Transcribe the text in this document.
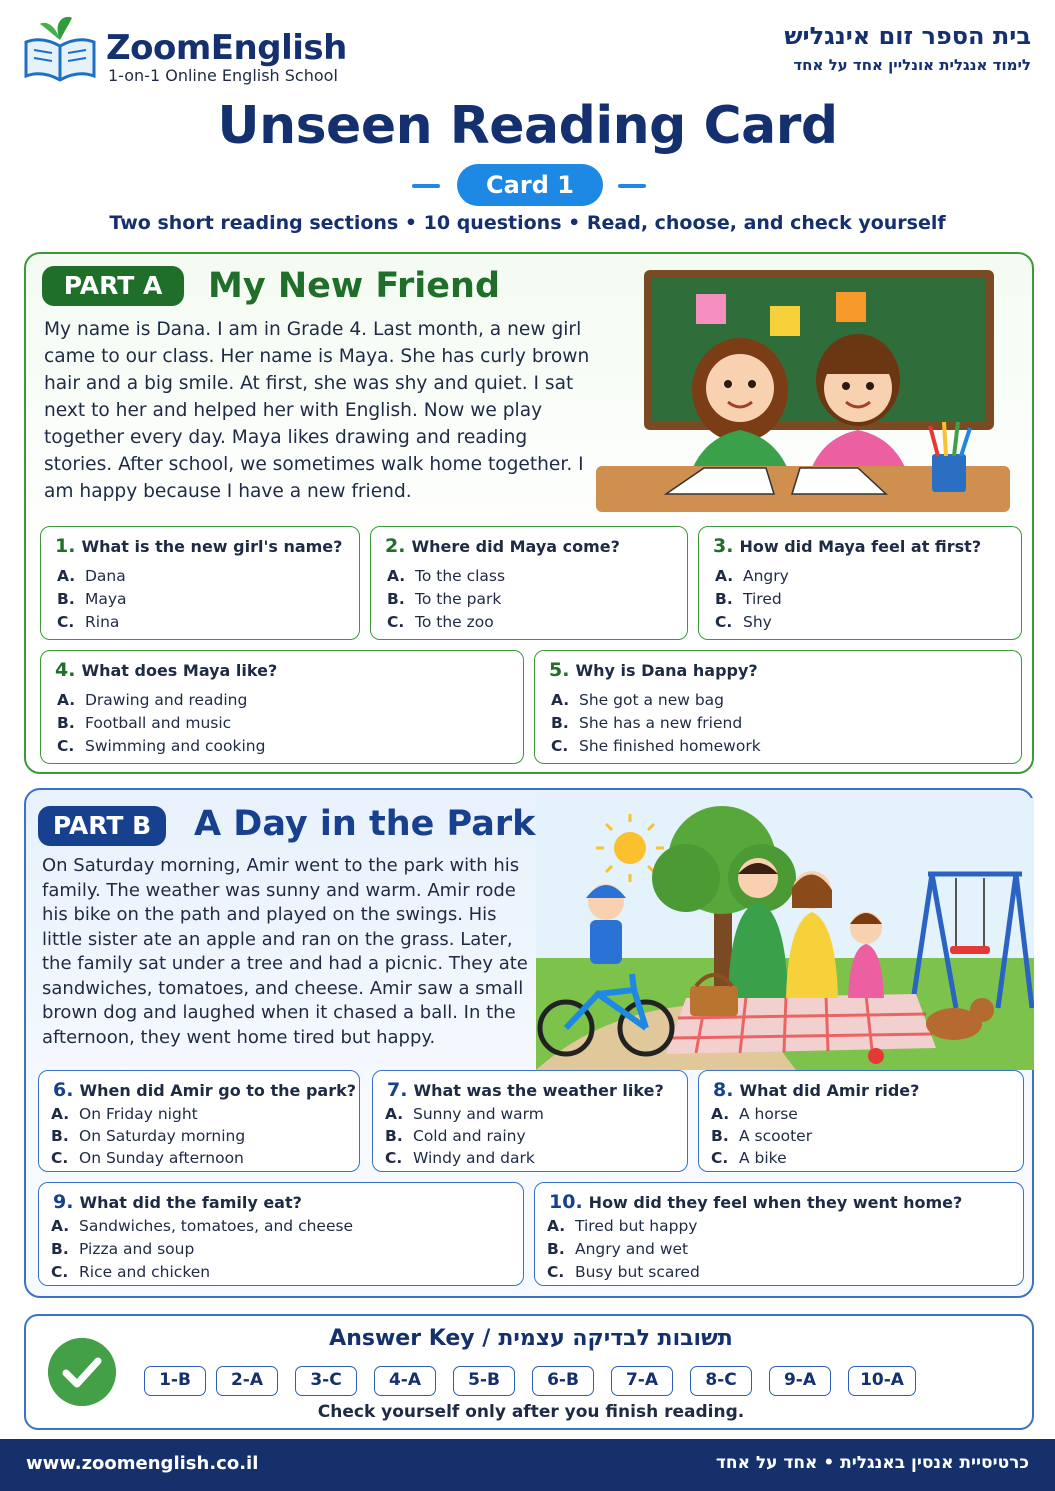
ZoomEnglish
1-on-1 Online English School
בית הספר זום אינגליש
לימוד אנגלית אונליין אחד על אחד
Unseen Reading Card
Card 1
Two short reading sections • 10 questions • Read, choose, and check yourself
PART A	My New Friend
My name is Dana. I am in Grade 4. Last month, a new girl came to our class. Her name is Maya. She has curly brown hair and a big smile. At first, she was shy and quiet. I sat next to her and helped her with English. Now we play together every day. Maya likes drawing and reading stories. After school, we sometimes walk home together. I am happy because I have a new friend.
1. What is the new girl's name?
A. Dana
B. Maya
C. Rina
2. Where did Maya come?
A. To the class
B. To the park
C. To the zoo
3. How did Maya feel at first?
A. Angry
B. Tired
C. Shy
4. What does Maya like?
A. Drawing and reading
B. Football and music
C. Swimming and cooking
5. Why is Dana happy?
A. She got a new bag
B. She has a new friend
C. She finished homework
PART B	A Day in the Park
On Saturday morning, Amir went to the park with his family. The weather was sunny and warm. Amir rode his bike on the path and played on the swings. His little sister ate an apple and ran on the grass. Later, the family sat under a tree and had a picnic. They ate sandwiches, tomatoes, and cheese. Amir saw a small brown dog and laughed when it chased a ball. In the afternoon, they went home tired but happy.
6. When did Amir go to the park?
A. On Friday night
B. On Saturday morning
C. On Sunday afternoon
7. What was the weather like?
A. Sunny and warm
B. Cold and rainy
C. Windy and dark
8. What did Amir ride?
A. A horse
B. A scooter
C. A bike
9. What did the family eat?
A. Sandwiches, tomatoes, and cheese
B. Pizza and soup
C. Rice and chicken
10. How did they feel when they went home?
A. Tired but happy
B. Angry and wet
C. Busy but scared
Answer Key / תשובות לבדיקה עצמית
1-B	2-A	3-C	4-A	5-B	6-B	7-A	8-C	9-A	10-A
Check yourself only after you finish reading.
www.zoomenglish.co.il	כרטיסיית אנסין באנגלית • אחד על אחד
